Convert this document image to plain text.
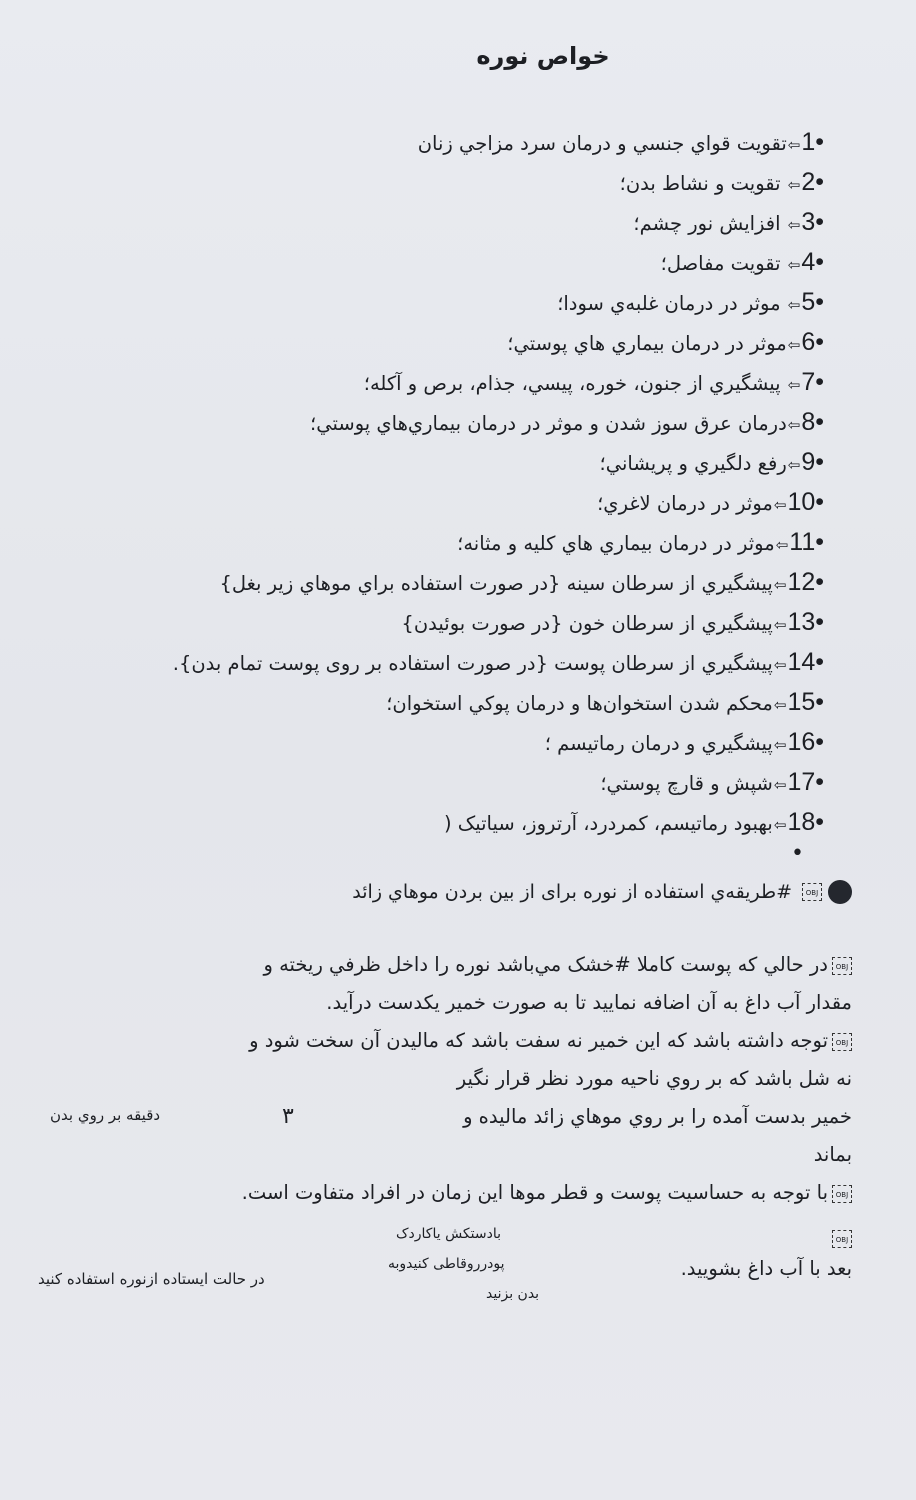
خواص نوره
1•⇦تقويت قواي جنسي و درمان سرد مزاجي زنان
2•⇦ تقويت و نشاط بدن؛
3•⇦ افزايش نور چشم؛
4•⇦ تقويت مفاصل؛
5•⇦ موثر در درمان غلبه‌ي سودا؛
6•⇦موثر در درمان بيماري هاي پوستي؛
7•⇦ پيشگيري از جنون، خوره، پيسي، جذام، برص و آكله؛
8•⇦درمان عرق سوز شدن و موثر در درمان بيماري‌هاي پوستي؛
9•⇦رفع دلگيري و پريشاني؛
10•⇦موثر در درمان لاغري؛
11•⇦موثر در درمان بيماري هاي كليه و مثانه؛
12•⇦پيشگيري از سرطان سينه {در صورت استفاده براي موهاي زير بغل}
13•⇦پيشگيري از سرطان خون {در صورت بوئيدن}
14•⇦پيشگيري از سرطان پوست {در صورت استفاده بر روی پوست تمام بدن}.
15•⇦محكم شدن استخوان‌ها و درمان پوكي استخوان؛
16•⇦پيشگيري و درمان رماتيسم ؛
17•⇦شپش و قارچ پوستي؛
18•⇦بهبود رماتيسم، كمردرد، آرتروز، سیاتیک (
•
OBJ
#طريقه‌ي استفاده از نوره برای از بين بردن موهاي زائد
OBJدر حالي كه پوست كاملا #خشک مي‌باشد نوره را داخل ظرفي ريخته و
مقدار آب داغ به آن اضافه نماييد تا به صورت خمير يكدست درآيد.
OBJتوجه داشته باشد كه اين خمير نه سفت باشد كه ماليدن آن سخت شود و
نه شل باشد كه بر روي ناحيه مورد نظر قرار نگير
خمير بدست آمده را بر روي موهاي زائد ماليده و
بماند
OBJبا توجه به حساسيت پوست و قطر موها اين زمان در افراد متفاوت است.
OBJ
بعد با آب داغ بشوييد.
۳
دقيقه بر روي بدن
بادستکش یاکاردک
پودرروقاطی کنیدوبه
بدن بزنید
در حالت ایستاده ازنوره استفاده کنید
